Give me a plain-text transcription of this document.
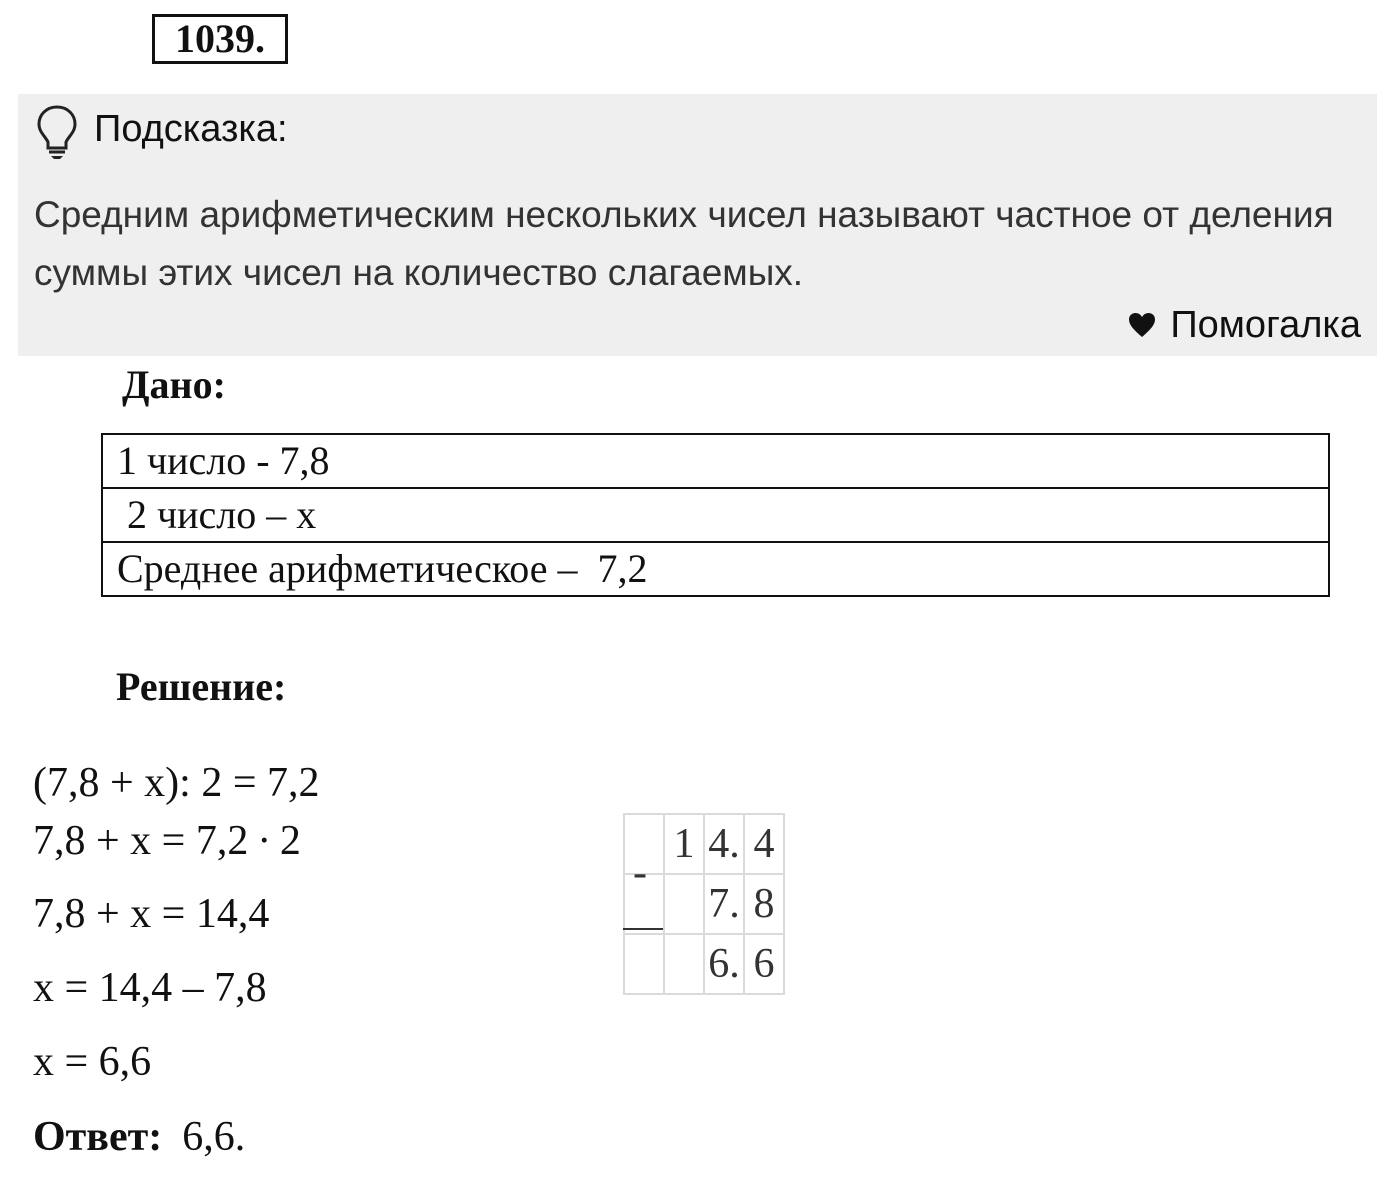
1039.
Подсказка:
Средним арифметическим нескольких чисел называют частное от деления суммы этих чисел на количество слагаемых.
Помогалка
Дано:
1 число - 7,8
2 число – x
Среднее арифметическое –  7,2
Решение:
(7,8 + x): 2 = 7,2
7,8 + x = 7,2 ∙ 2
7,8 + x = 14,4
x = 14,4 – 7,8
x = 6,6
	1	4.	4
		7.	8
		6.	6
-
Ответ: 6,6.
